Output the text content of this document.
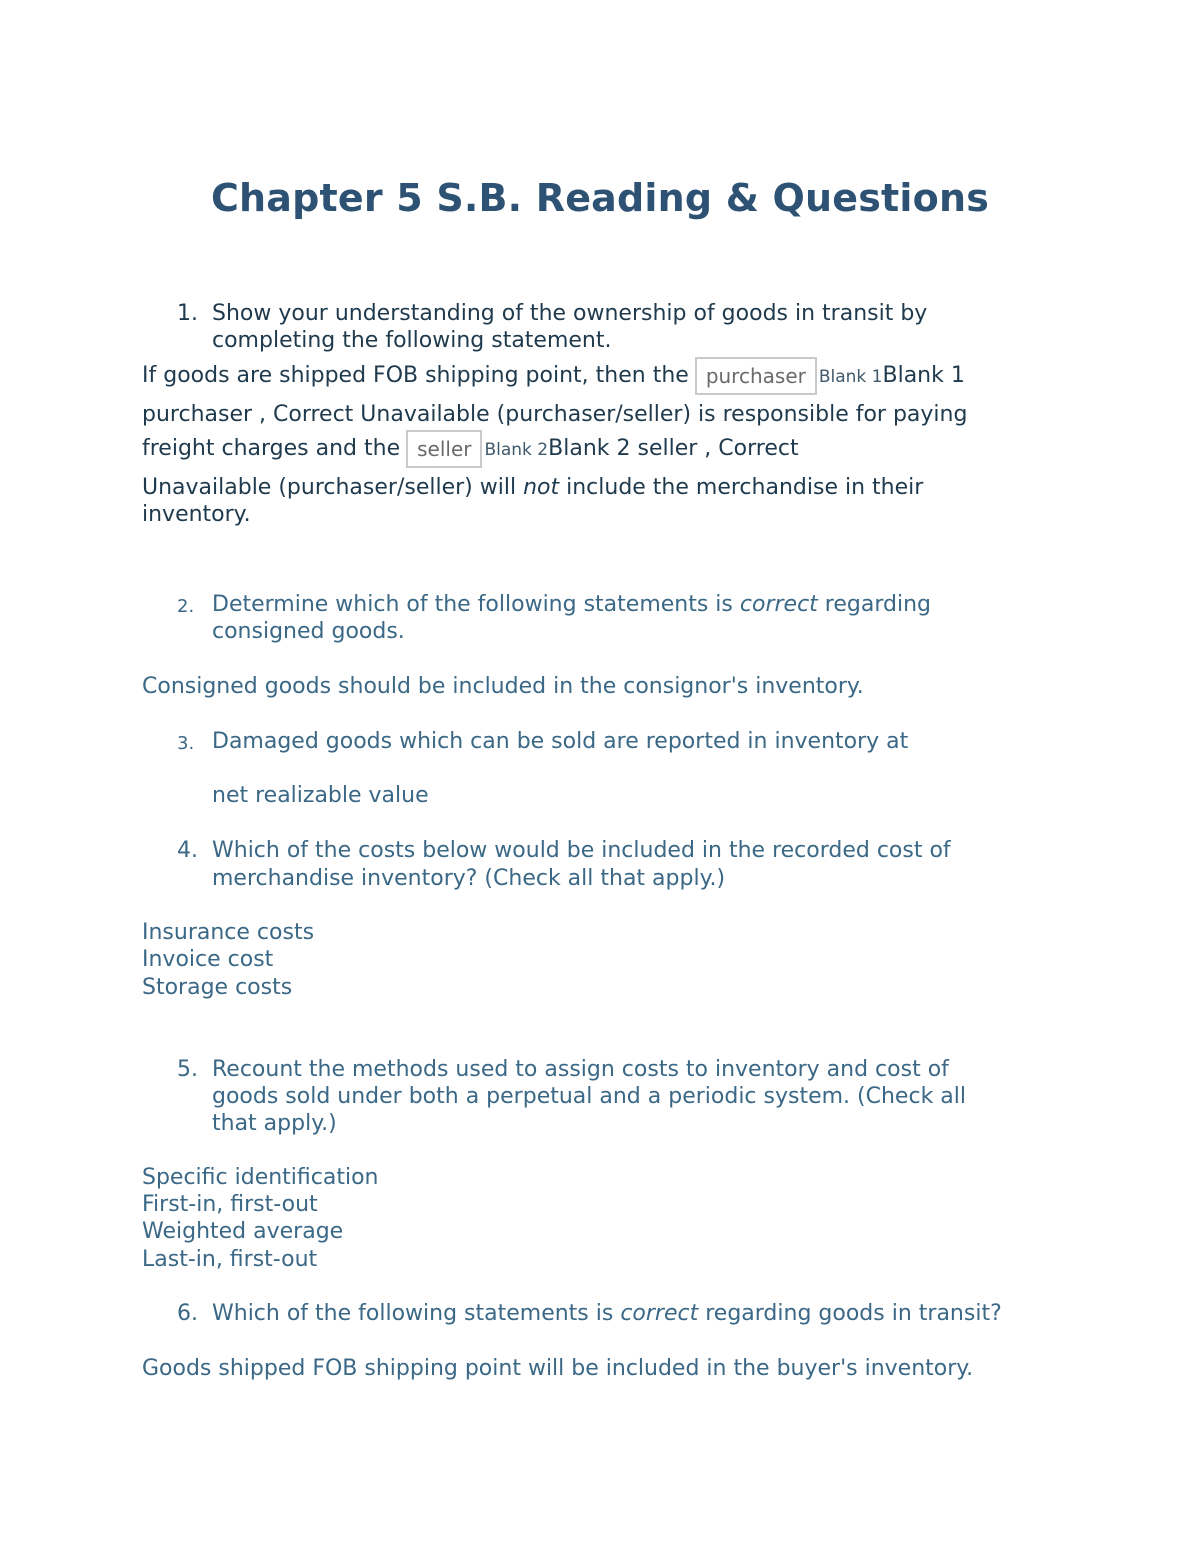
Chapter 5 S.B. Reading & Questions
1. Show your understanding of the ownership of goods in transit by

completing the following statement.

If goods are shipped FOB shipping point, then the purchaser Blank 1Blank 1

purchaser , Correct Unavailable (purchaser/seller) is responsible for paying

freight charges and the seller Blank 2Blank 2 seller , Correct

Unavailable (purchaser/seller) will not include the merchandise in their

inventory.

2. Determine which of the following statements is correct regarding

consigned goods.

Consigned goods should be included in the consignor's inventory.

3. Damaged goods which can be sold are reported in inventory at

net realizable value

4. Which of the costs below would be included in the recorded cost of

merchandise inventory? (Check all that apply.)

Insurance costs

Invoice cost

Storage costs

5. Recount the methods used to assign costs to inventory and cost of

goods sold under both a perpetual and a periodic system. (Check all

that apply.)

Specific identification

First-in, first-out

Weighted average

Last-in, first-out

6. Which of the following statements is correct regarding goods in transit?

Goods shipped FOB shipping point will be included in the buyer's inventory.
